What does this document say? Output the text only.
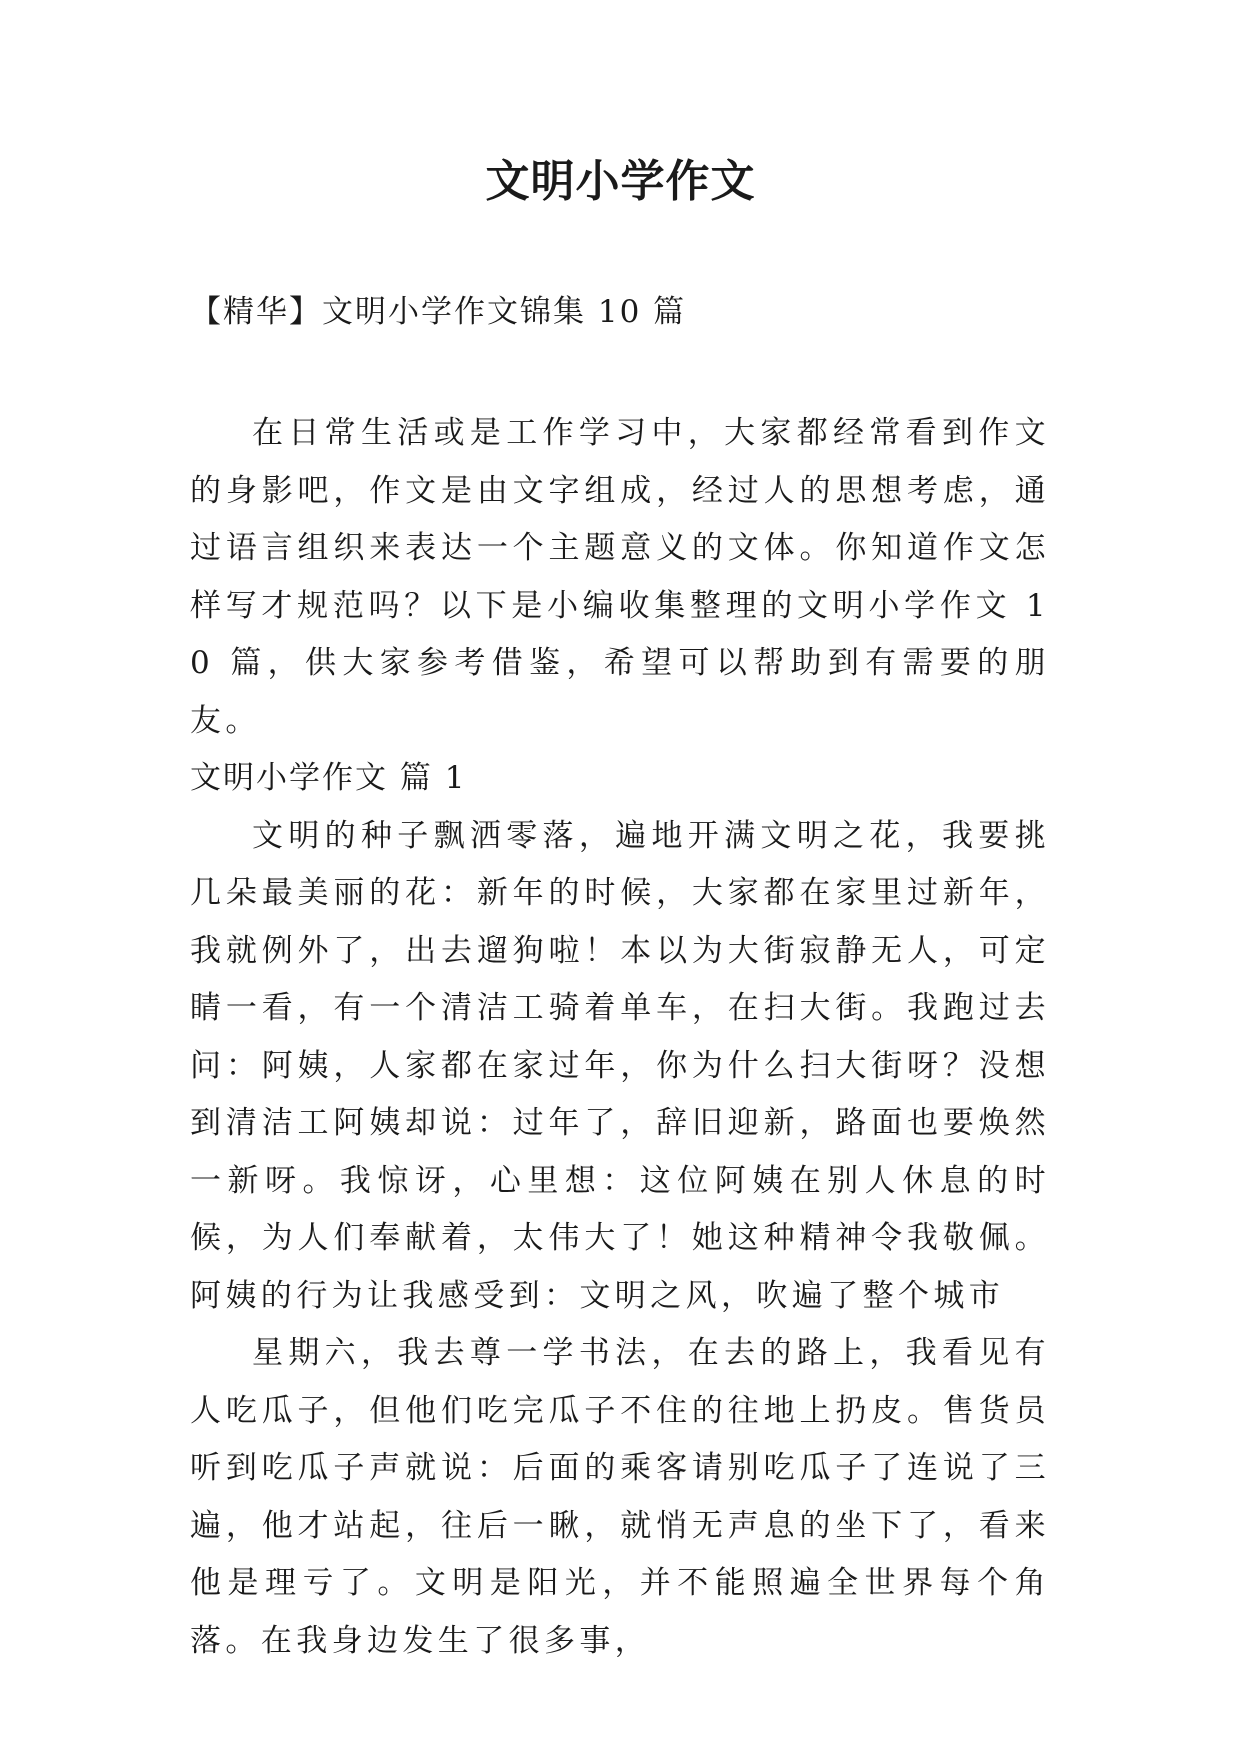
文明小学作文

【精华】文明小学作文锦集 10 篇

在日常生活或是工作学习中，大家都经常看到作文的身影吧，作文是由文字组成，经过人的思想考虑，通过语言组织来表达一个主题意义的文体。你知道作文怎样写才规范吗？以下是小编收集整理的文明小学作文 10 篇，供大家参考借鉴，希望可以帮助到有需要的朋友。

文明小学作文 篇 1

文明的种子飘洒零落，遍地开满文明之花，我要挑几朵最美丽的花：新年的时候，大家都在家里过新年，我就例外了，出去遛狗啦！本以为大街寂静无人，可定睛一看，有一个清洁工骑着单车，在扫大街。我跑过去问：阿姨，人家都在家过年，你为什么扫大街呀？没想到清洁工阿姨却说：过年了，辞旧迎新，路面也要焕然一新呀。我惊讶，心里想：这位阿姨在别人休息的时候，为人们奉献着，太伟大了！她这种精神令我敬佩。阿姨的行为让我感受到：文明之风，吹遍了整个城市

星期六，我去尊一学书法，在去的路上，我看见有人吃瓜子，但他们吃完瓜子不住的往地上扔皮。售货员听到吃瓜子声就说：后面的乘客请别吃瓜子了连说了三遍，他才站起，往后一瞅，就悄无声息的坐下了，看来他是理亏了。文明是阳光，并不能照遍全世界每个角落。在我身边发生了很多事，
